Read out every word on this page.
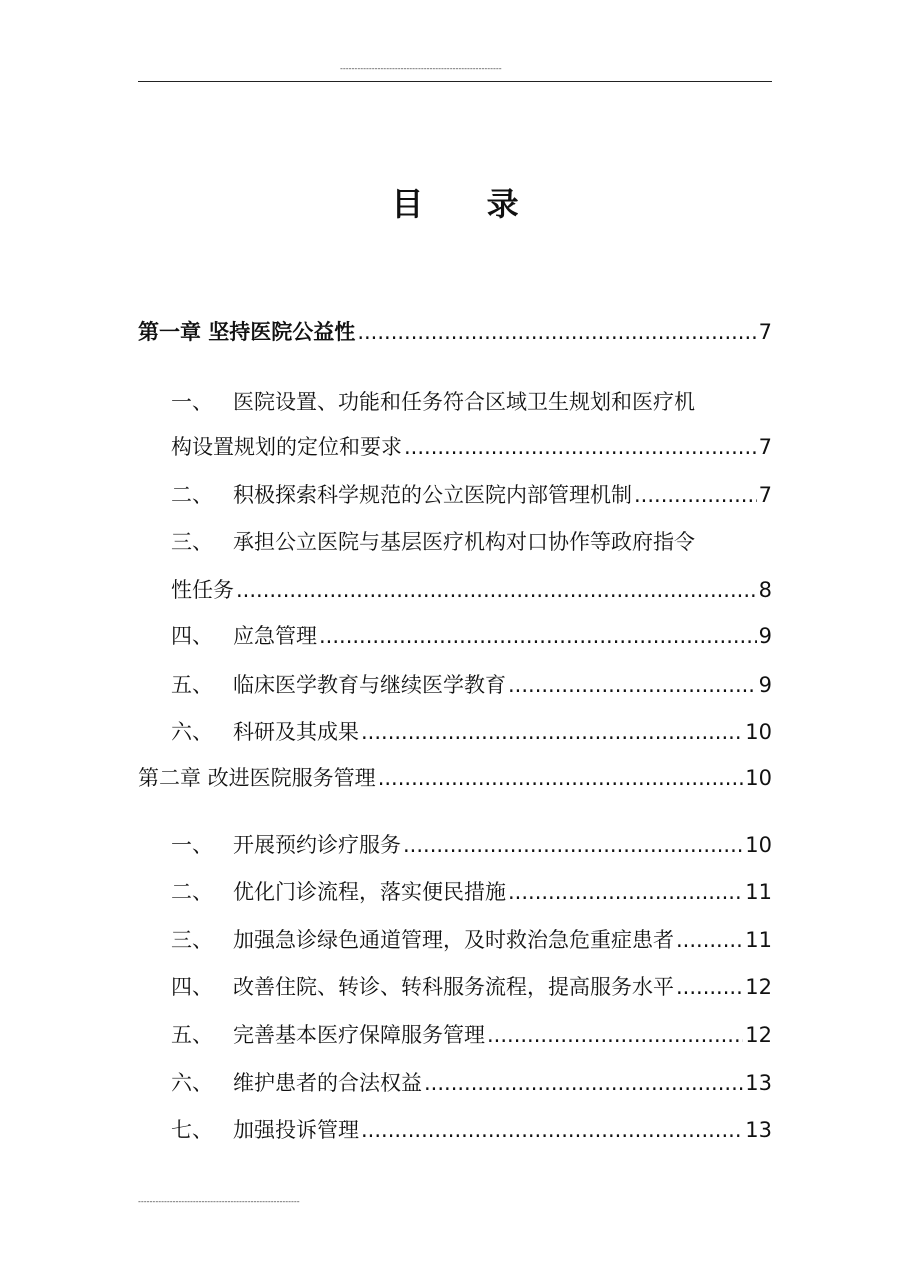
--------------------------------------------------------
目 录
第一章 坚持医院公益性 .....	7
一、 医院设置、功能和任务符合区域卫生规划和医疗机
构设置规划的定位和要求 .....	7
二、 积极探索科学规范的公立医院内部管理机制 .....	7
三、 承担公立医院与基层医疗机构对口协作等政府指令
性任务 .....	8
四、 应急管理 .....	9
五、 临床医学教育与继续医学教育 .....	9
六、 科研及其成果 .....	10
第二章 改进医院服务管理 .....	10
一、 开展预约诊疗服务 .....	10
二、 优化门诊流程，落实便民措施 .....	11
三、 加强急诊绿色通道管理，及时救治急危重症患者 .....	11
四、 改善住院、转诊、转科服务流程，提高服务水平 .....	12
五、 完善基本医疗保障服务管理 .....	12
六、 维护患者的合法权益 .....	13
七、 加强投诉管理 .....	13
--------------------------------------------------------
